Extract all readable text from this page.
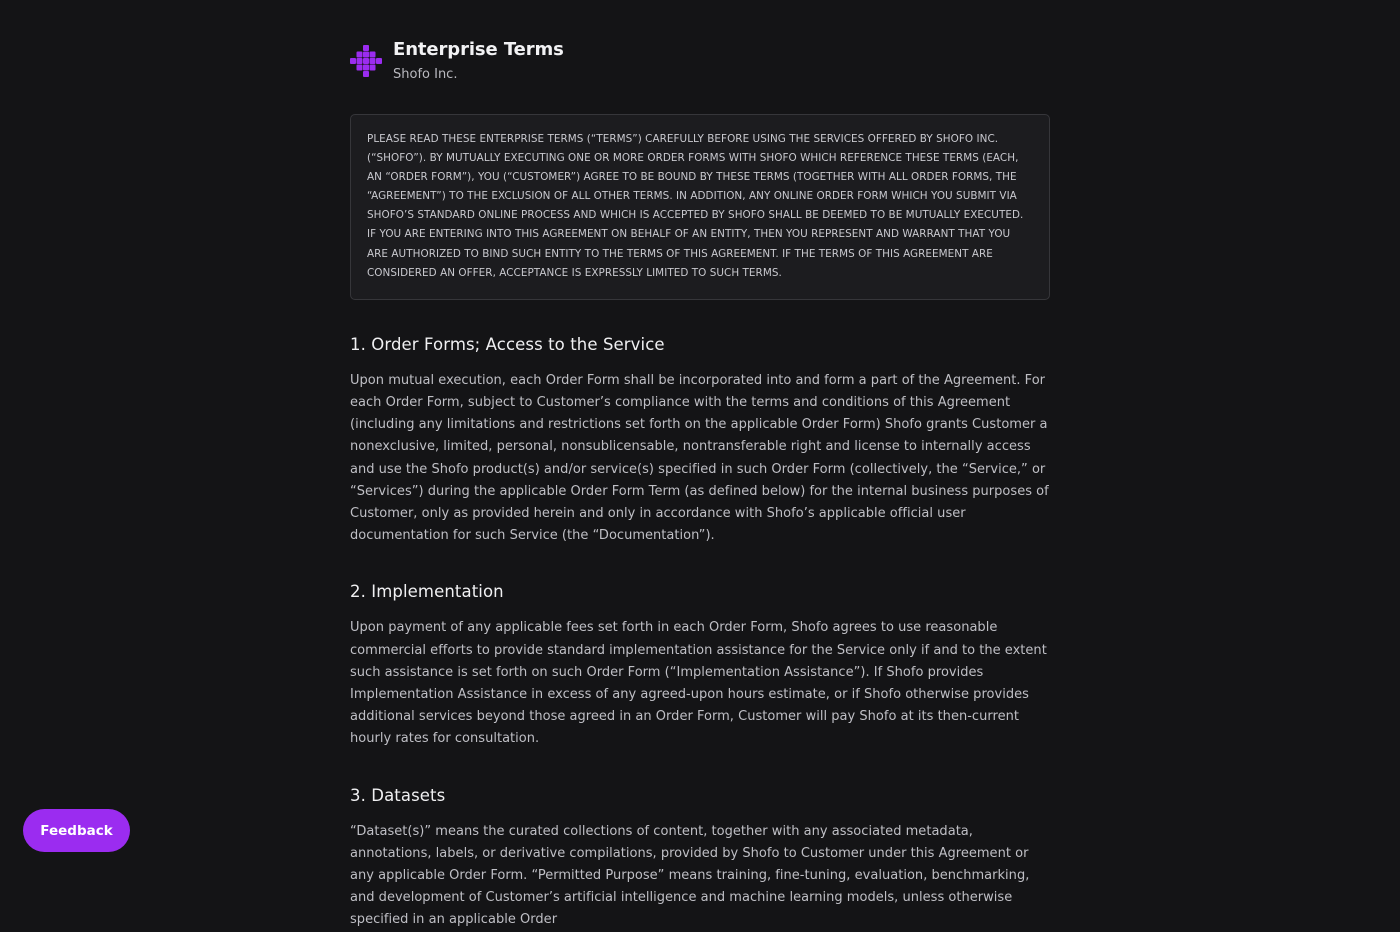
Enterprise Terms
Shofo Inc.
PLEASE READ THESE ENTERPRISE TERMS (“TERMS”) CAREFULLY BEFORE USING THE SERVICES OFFERED BY SHOFO INC. (“SHOFO”). BY MUTUALLY EXECUTING ONE OR MORE ORDER FORMS WITH SHOFO WHICH REFERENCE THESE TERMS (EACH, AN “ORDER FORM”), YOU (“CUSTOMER”) AGREE TO BE BOUND BY THESE TERMS (TOGETHER WITH ALL ORDER FORMS, THE “AGREEMENT”) TO THE EXCLUSION OF ALL OTHER TERMS. IN ADDITION, ANY ONLINE ORDER FORM WHICH YOU SUBMIT VIA SHOFO’S STANDARD ONLINE PROCESS AND WHICH IS ACCEPTED BY SHOFO SHALL BE DEEMED TO BE MUTUALLY EXECUTED. IF YOU ARE ENTERING INTO THIS AGREEMENT ON BEHALF OF AN ENTITY, THEN YOU REPRESENT AND WARRANT THAT YOU ARE AUTHORIZED TO BIND SUCH ENTITY TO THE TERMS OF THIS AGREEMENT. IF THE TERMS OF THIS AGREEMENT ARE CONSIDERED AN OFFER, ACCEPTANCE IS EXPRESSLY LIMITED TO SUCH TERMS.
1. Order Forms; Access to the Service

Upon mutual execution, each Order Form shall be incorporated into and form a part of the Agreement. For each Order Form, subject to Customer’s compliance with the terms and conditions of this Agreement (including any limitations and restrictions set forth on the applicable Order Form) Shofo grants Customer a nonexclusive, limited, personal, nonsublicensable, nontransferable right and license to internally access and use the Shofo product(s) and/or service(s) specified in such Order Form (collectively, the “Service,” or “Services”) during the applicable Order Form Term (as defined below) for the internal business purposes of Customer, only as provided herein and only in accordance with Shofo’s applicable official user documentation for such Service (the “Documentation”).

2. Implementation

Upon payment of any applicable fees set forth in each Order Form, Shofo agrees to use reasonable commercial efforts to provide standard implementation assistance for the Service only if and to the extent such assistance is set forth on such Order Form (“Implementation Assistance”). If Shofo provides Implementation Assistance in excess of any agreed-upon hours estimate, or if Shofo otherwise provides additional services beyond those agreed in an Order Form, Customer will pay Shofo at its then-current hourly rates for consultation.

3. Datasets

“Dataset(s)” means the curated collections of content, together with any associated metadata, annotations, labels, or derivative compilations, provided by Shofo to Customer under this Agreement or any applicable Order Form. “Permitted Purpose” means training, fine-tuning, evaluation, benchmarking, and development of Customer’s artificial intelligence and machine learning models, unless otherwise specified in an applicable Order

Feedback
